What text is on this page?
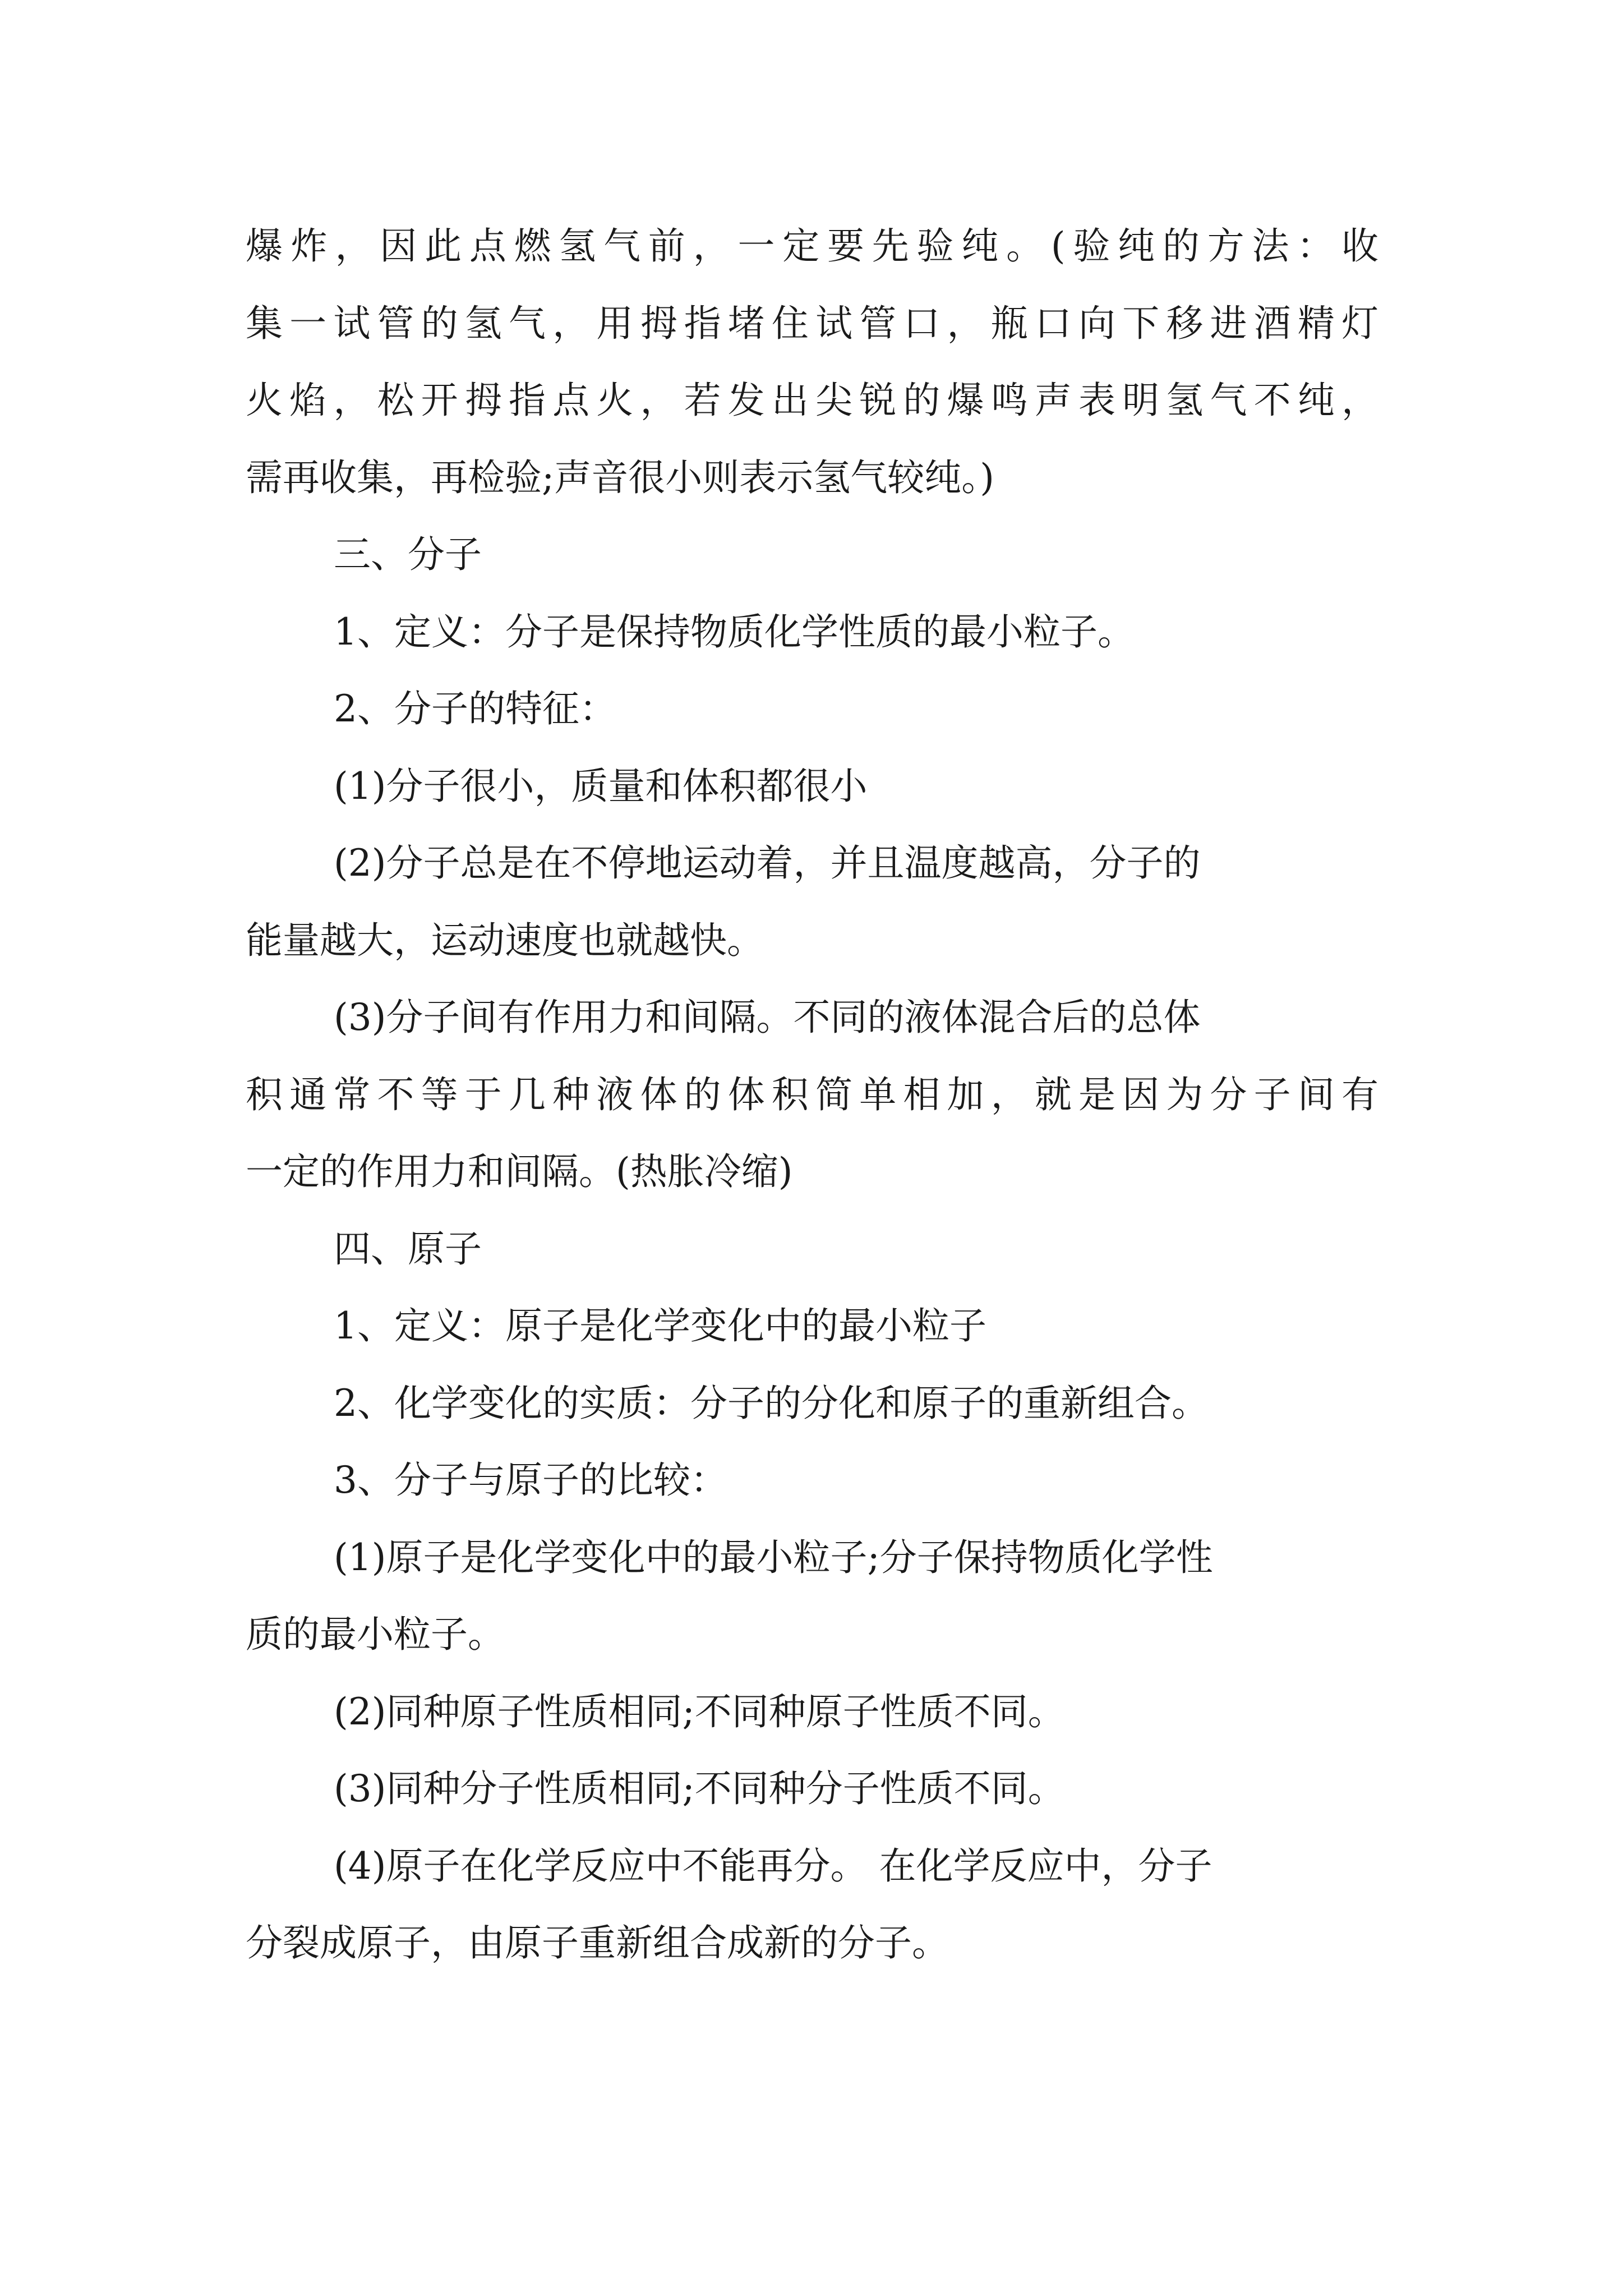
爆炸，因此点燃氢气前，一定要先验纯。(验纯的方法：收
集一试管的氢气，用拇指堵住试管口，瓶口向下移进酒精灯
火焰，松开拇指点火，若发出尖锐的爆鸣声表明氢气不纯，
需再收集，再检验;声音很小则表示氢气较纯。)
三、分子
1、定义：分子是保持物质化学性质的最小粒子。
2、分子的特征：
(1)分子很小，质量和体积都很小
(2)分子总是在不停地运动着，并且温度越高，分子的
能量越大，运动速度也就越快。
(3)分子间有作用力和间隔。不同的液体混合后的总体
积通常不等于几种液体的体积简单相加，就是因为分子间有
一定的作用力和间隔。(热胀冷缩)
四、原子
1、定义：原子是化学变化中的最小粒子
2、化学变化的实质：分子的分化和原子的重新组合。
3、分子与原子的比较：
(1)原子是化学变化中的最小粒子;分子保持物质化学性
质的最小粒子。
(2)同种原子性质相同;不同种原子性质不同。
(3)同种分子性质相同;不同种分子性质不同。
(4)原子在化学反应中不能再分。 在化学反应中，分子
分裂成原子，由原子重新组合成新的分子。
